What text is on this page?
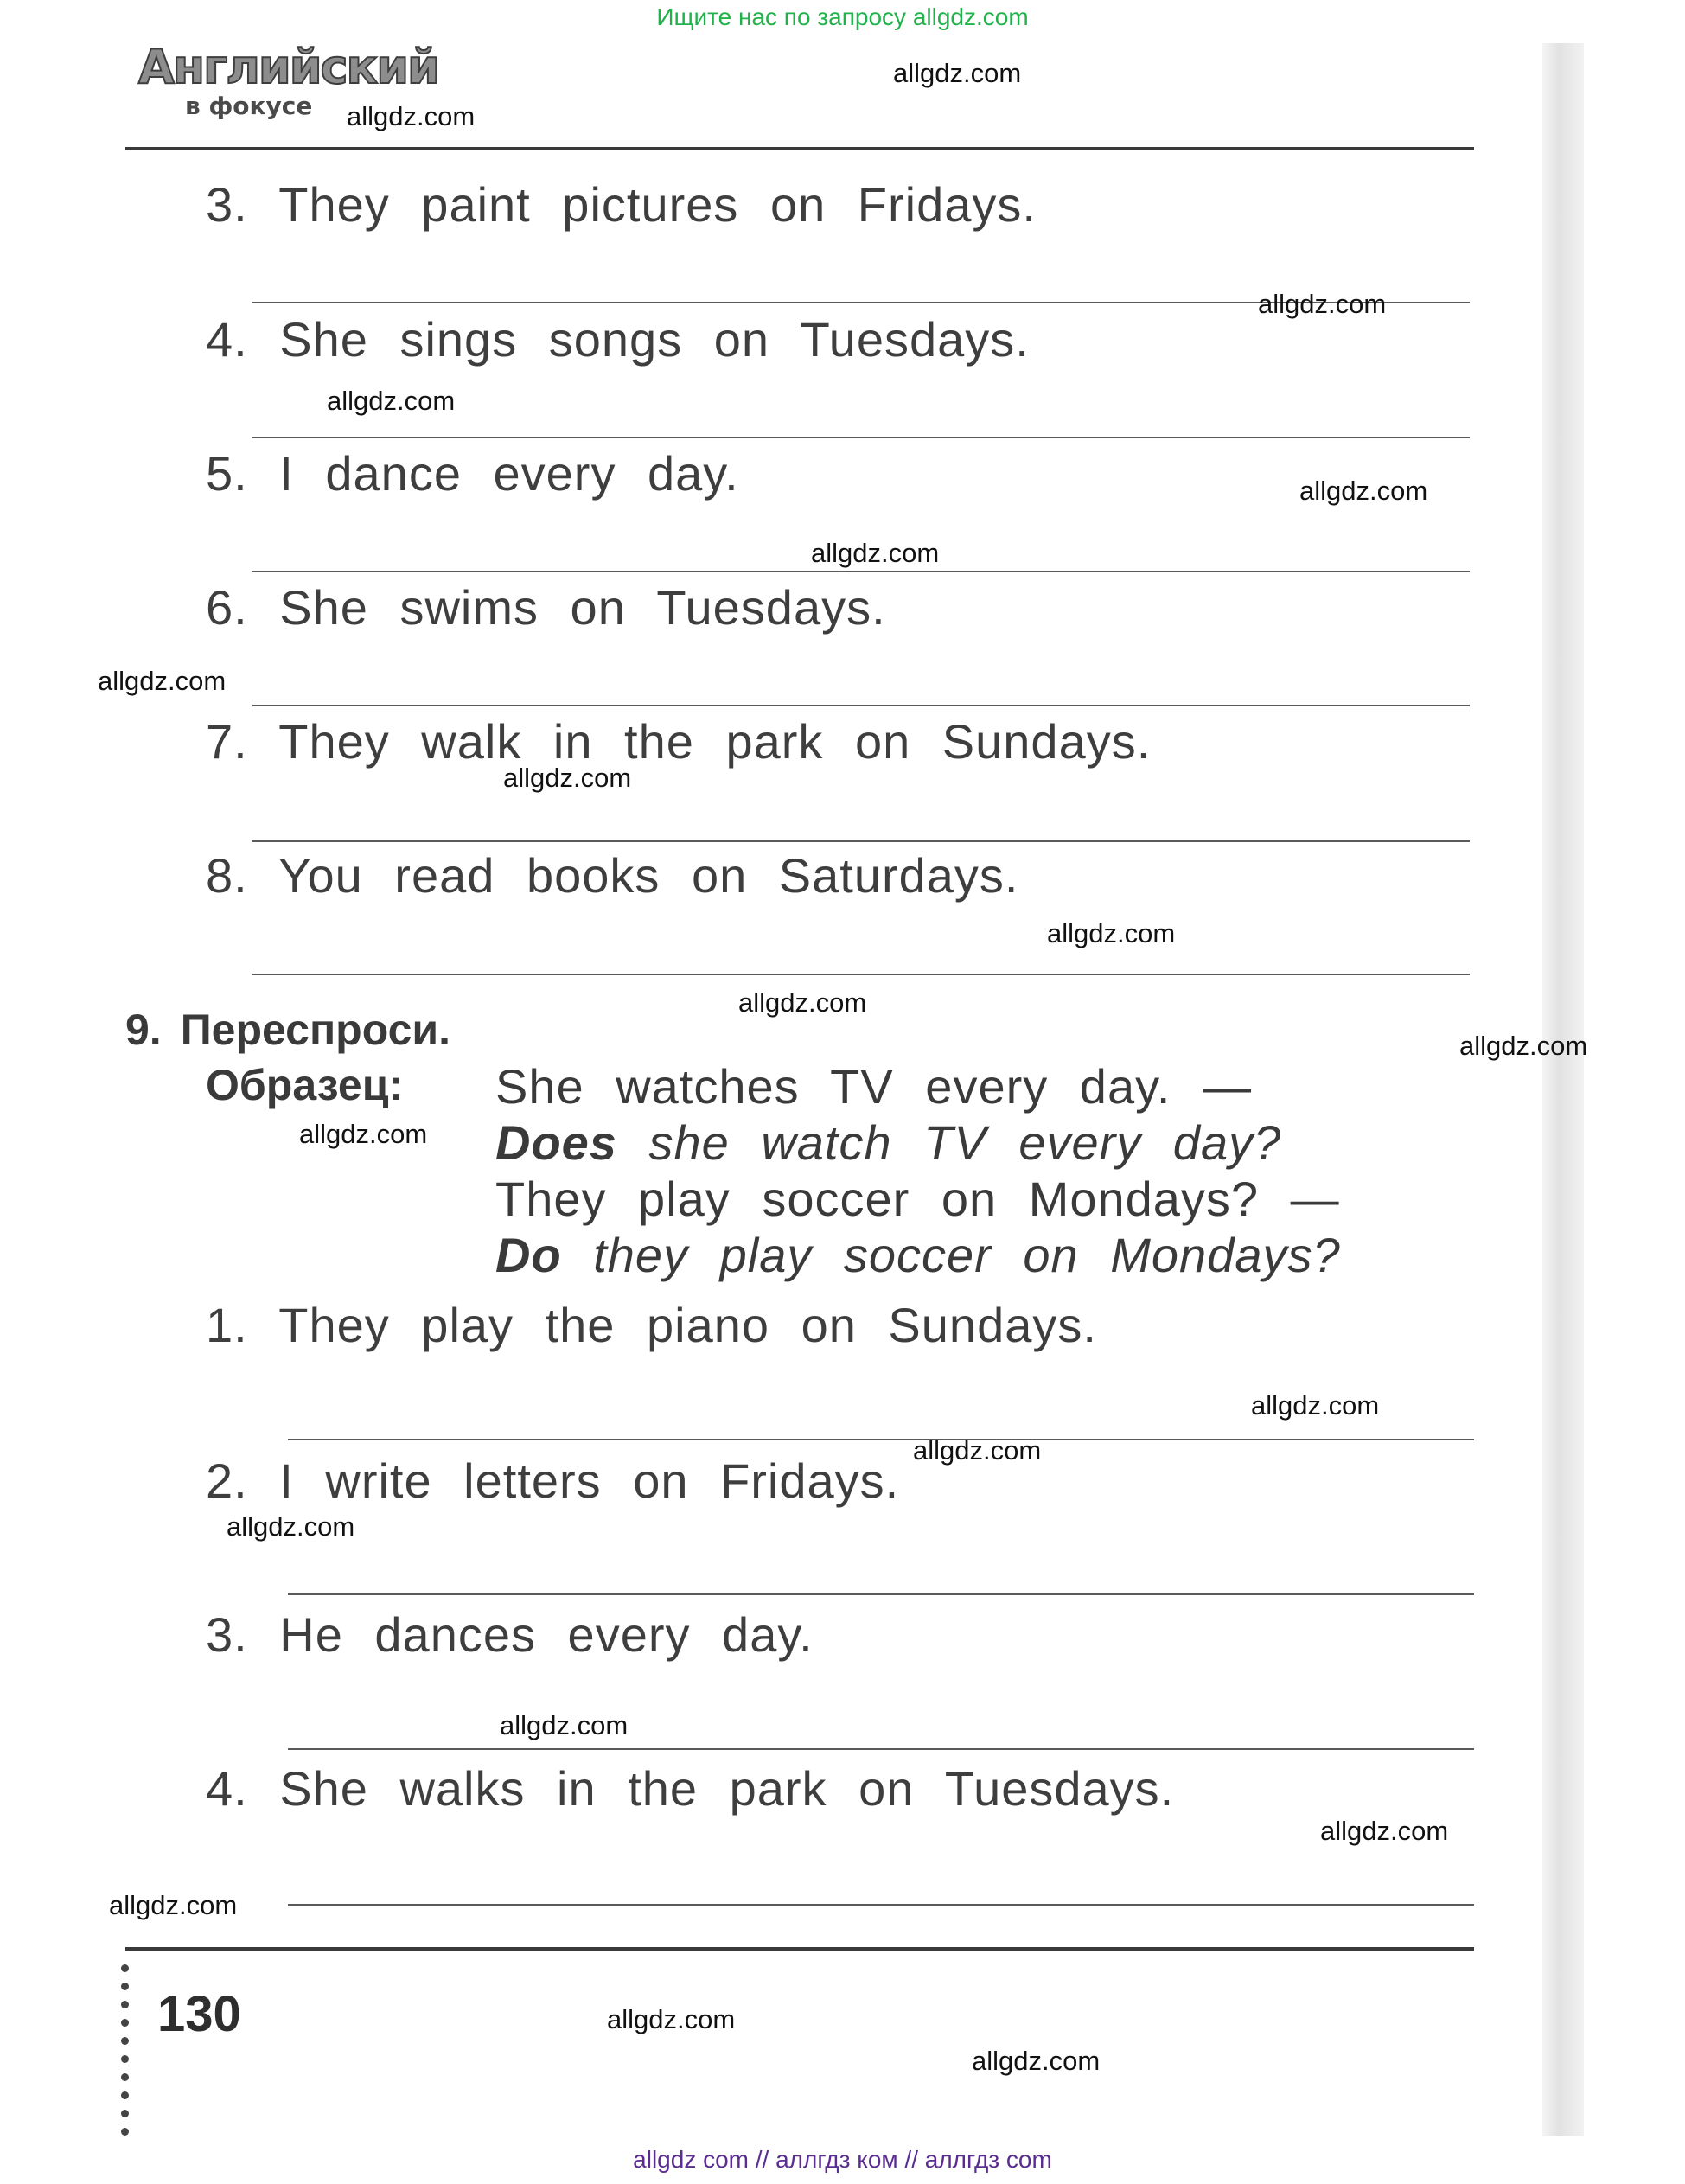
Ищите нас по запросу allgdz.com
Английский
в фокусе
3. They paint pictures on Fridays.
4. She sings songs on Tuesdays.
5. I dance every day.
6. She swims on Tuesdays.
7. They walk in the park on Sundays.
8. You read books on Saturdays.
9. Переспроси.
Образец: She watches TV every day. —
Does she watch TV every day?
They play soccer on Mondays? —
Do they play soccer on Mondays?
1. They play the piano on Sundays.
2. I write letters on Fridays.
3. He dances every day.
4. She walks in the park on Tuesdays.
130
allgdz.com
allgdz.com
allgdz.com
allgdz.com
allgdz.com
allgdz.com
allgdz.com
allgdz.com
allgdz.com
allgdz.com
allgdz.com
allgdz.com
allgdz.com
allgdz.com
allgdz.com
allgdz.com
allgdz.com
allgdz.com
allgdz.com
allgdz.com
allgdz com // аллгдз ком // аллгдз com
